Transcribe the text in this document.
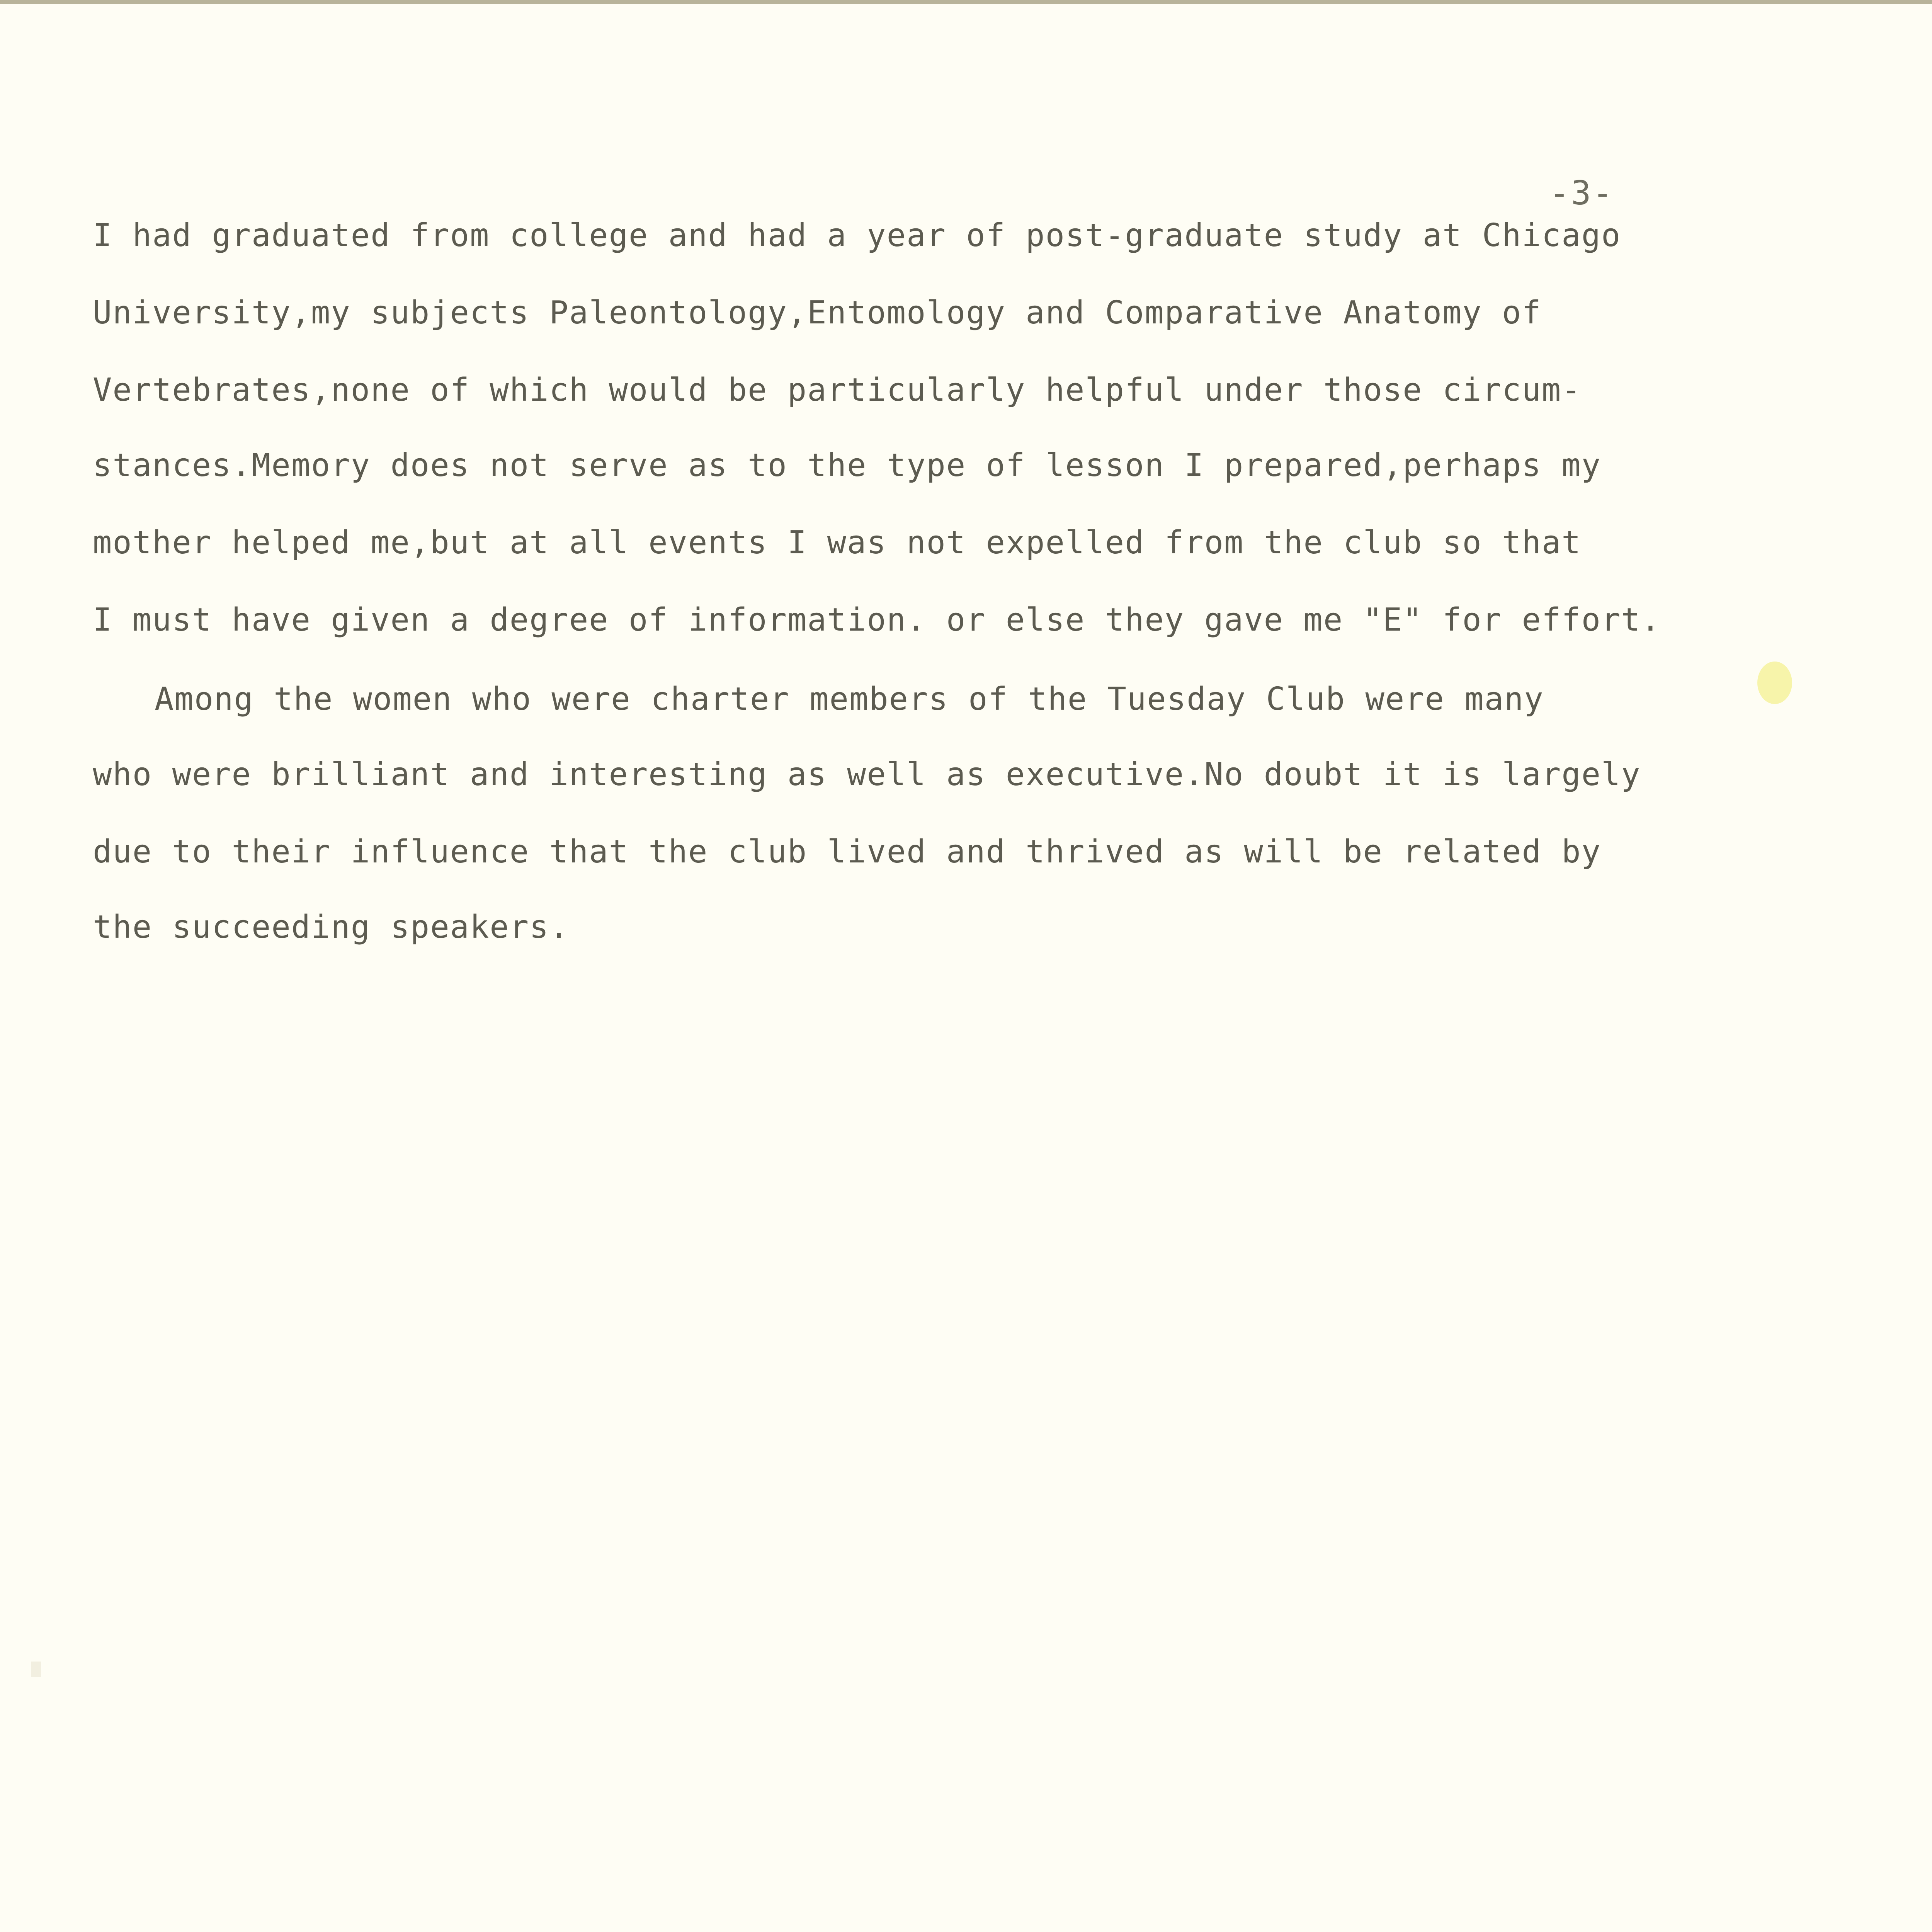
-3-
I had graduated from college and had a year of post-graduate study at Chicago
University,my subjects Paleontology,Entomology and Comparative Anatomy of
Vertebrates,none of which would be particularly helpful under those circum-
stances.Memory does not serve as to the type of lesson I prepared,perhaps my
mother helped me,but at all events I was not expelled from the club so that
I must have given a degree of information. or else they gave me "E" for effort.
Among the women who were charter members of the Tuesday Club were many
who were brilliant and interesting as well as executive.No doubt it is largely
due to their influence that the club lived and thrived as will be related by
the succeeding speakers.
